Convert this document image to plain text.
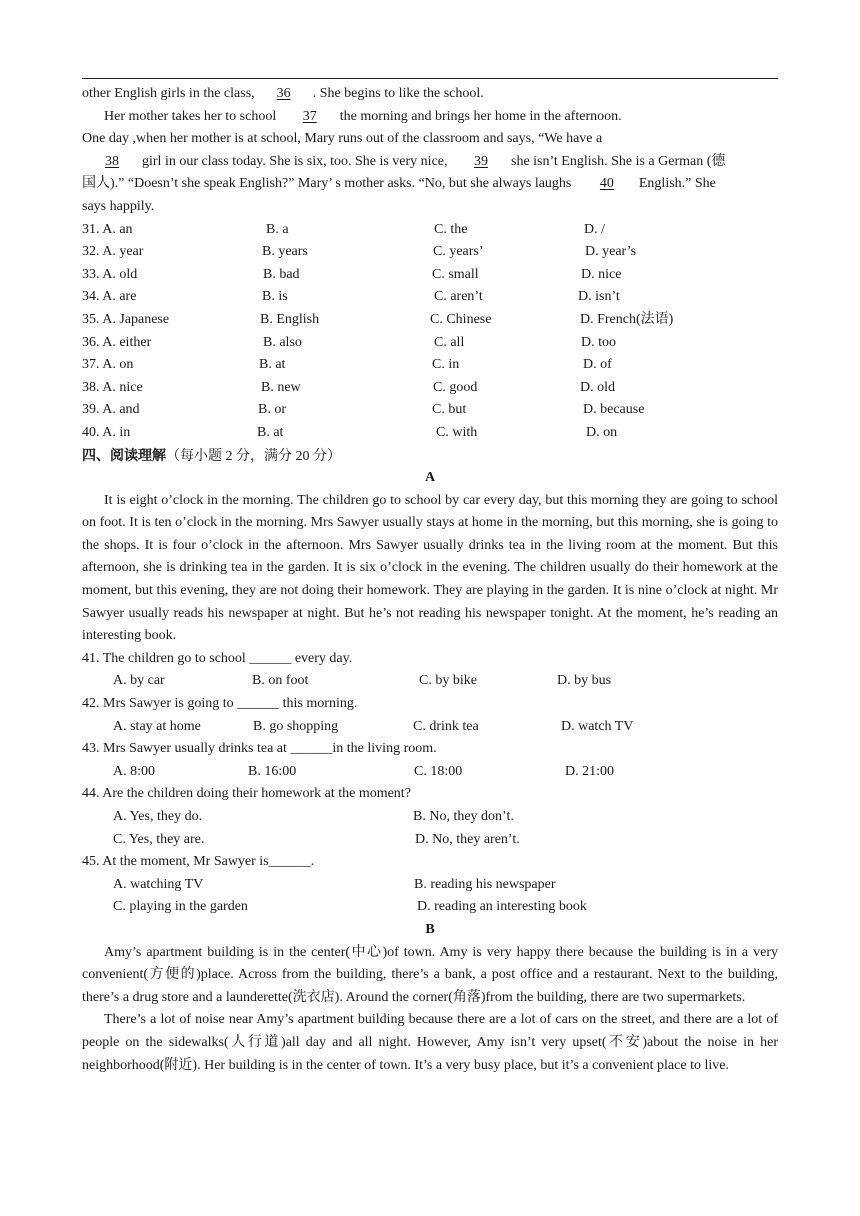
other English girls in the class, 36 . She begins to like the school.
Her mother takes her to school 37 the morning and brings her home in the afternoon.
One day ,when her mother is at school, Mary runs out of the classroom and says, “We have a
38 girl in our class today. She is six, too. She is very nice, 39 she isn’t English. She is a German (德
国人).” “Doesn’t she speak English?” Mary’ s mother asks. “No, but she always laughs 40 English.” She
says happily.
31. A. an	B. a	C. the	D. /
32. A. year	B. years	C. years’	D. year’s
33. A. old	B. bad	C. small	D. nice
34. A. are	B. is	C. aren’t	D. isn’t
35. A. Japanese	B. English	C. Chinese	D. French(法语)
36. A. either	B. also	C. all	D. too
37. A. on	B. at	C. in	D. of
38. A. nice	B. new	C. good	D. old
39. A. and	B. or	C. but	D. because
40. A. in	B. at	C. with	D. on
四、阅读理解（每小题 2 分，满分 20 分）
A
It is eight o’clock in the morning. The children go to school by car every day, but this morning they are going to school on foot. It is ten o’clock in the morning. Mrs Sawyer usually stays at home in the morning, but this morning, she is going to the shops. It is four o’clock in the afternoon. Mrs Sawyer usually drinks tea in the living room at the moment. But this afternoon, she is drinking tea in the garden. It is six o’clock in the evening. The children usually do their homework at the moment, but this evening, they are not doing their homework. They are playing in the garden. It is nine o’clock at night. Mr Sawyer usually reads his newspaper at night. But he’s not reading his newspaper tonight. At the moment, he’s reading an interesting book.
41. The children go to school ______ every day.
A. by car	B. on foot	C. by bike	D. by bus
42. Mrs Sawyer is going to ______ this morning.
A. stay at home	B. go shopping	C. drink tea	D. watch TV
43. Mrs Sawyer usually drinks tea at ______in the living room.
A. 8:00	B. 16:00	C. 18:00	D. 21:00
44. Are the children doing their homework at the moment?
A. Yes, they do.	B. No, they don’t.
C. Yes, they are.	D. No, they aren’t.
45. At the moment, Mr Sawyer is______.
A. watching TV	B. reading his newspaper
C. playing in the garden	D. reading an interesting book
B
Amy’s apartment building is in the center(中心)of town. Amy is very happy there because the building is in a very convenient(方便的)place. Across from the building, there’s a bank, a post office and a restaurant. Next to the building, there’s a drug store and a launderette(洗衣店). Around the corner(角落)from the building, there are two supermarkets.
There’s a lot of noise near Amy’s apartment building because there are a lot of cars on the street, and there are a lot of people on the sidewalks(人行道)all day and all night. However, Amy isn’t very upset(不安)about the noise in her neighborhood(附近). Her building is in the center of town. It’s a very busy place, but it’s a convenient place to live.
